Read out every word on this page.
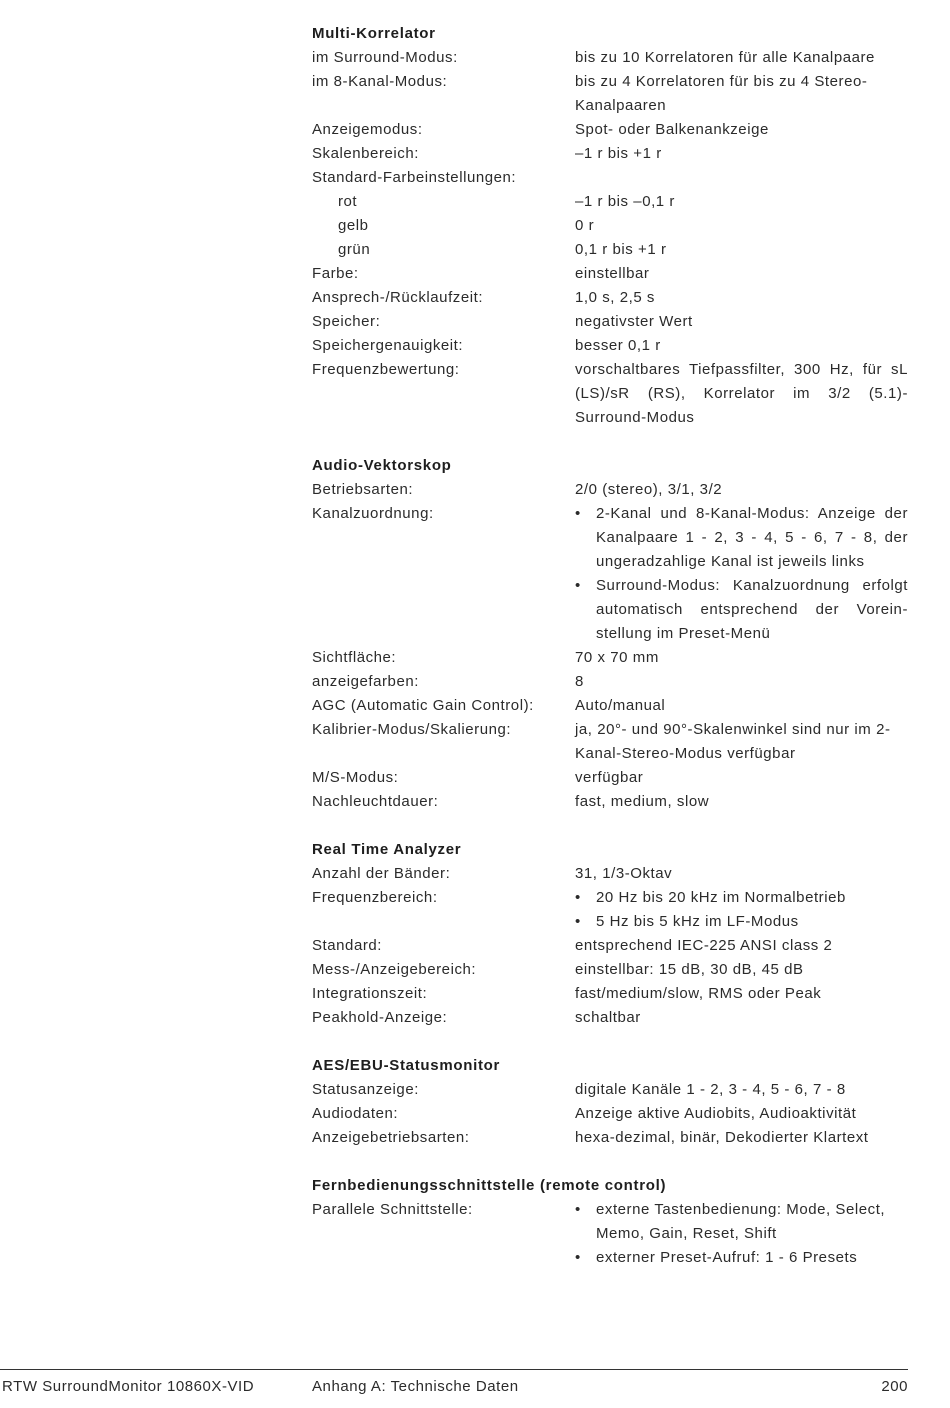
Multi-Korrelator
im Surround-Modus:	bis zu 10 Korrelatoren für alle Kanalpaare
im 8-Kanal-Modus:	bis zu 4 Korrelatoren für bis zu 4 Stereo-Kanalpaaren
Anzeigemodus:	Spot- oder Balkenankzeige
Skalenbereich:	–1 r bis +1 r
Standard-Farbeinstellungen:
rot	–1 r bis –0,1 r
gelb	0 r
grün	0,1 r bis +1 r
Farbe:	einstellbar
Ansprech-/Rücklaufzeit:	1,0 s, 2,5 s
Speicher:	negativster Wert
Speichergenauigkeit:	besser 0,1 r
Frequenzbewertung:	vorschaltbares Tiefpassfilter, 300 Hz, für sL (LS)/sR (RS), Korrelator im 3/2 (5.1)-Surround-Modus
Audio-Vektorskop
Betriebsarten:	2/0 (stereo), 3/1, 3/2
Kanalzuordnung:	•	2-Kanal und 8-Kanal-Modus: Anzeige der Kanalpaare 1 - 2, 3 - 4, 5 - 6, 7 - 8, der ungeradzahlige Kanal ist jeweils links
•	Surround-Modus: Kanalzuordnung erfolgt automatisch entsprechend der Vorein-stellung im Preset-Menü
Sichtfläche:	70 x 70 mm
anzeigefarben:	8
AGC (Automatic Gain Control):	Auto/manual
Kalibrier-Modus/Skalierung:	ja, 20°- und 90°-Skalenwinkel sind nur im 2-Kanal-Stereo-Modus verfügbar
M/S-Modus:	verfügbar
Nachleuchtdauer:	fast, medium, slow
Real Time Analyzer
Anzahl der Bänder:	31, 1/3-Oktav
Frequenzbereich:	•	20 Hz bis 20 kHz im Normalbetrieb
•	5 Hz bis 5 kHz im LF-Modus
Standard:	entsprechend IEC-225 ANSI class 2
Mess-/Anzeigebereich:	einstellbar: 15 dB, 30 dB, 45 dB
Integrationszeit:	fast/medium/slow, RMS oder Peak
Peakhold-Anzeige:	schaltbar
AES/EBU-Statusmonitor
Statusanzeige:	digitale Kanäle 1 - 2, 3 - 4, 5 - 6, 7 - 8
Audiodaten:	Anzeige aktive Audiobits, Audioaktivität
Anzeigebetriebsarten:	hexa-dezimal, binär, Dekodierter Klartext
Fernbedienungsschnittstelle (remote control)
Parallele Schnittstelle:	•	externe Tastenbedienung: Mode, Select, Memo, Gain, Reset, Shift
•	externer Preset-Aufruf: 1 - 6 Presets
RTW SurroundMonitor 10860X-VID	Anhang A: Technische Daten	200
